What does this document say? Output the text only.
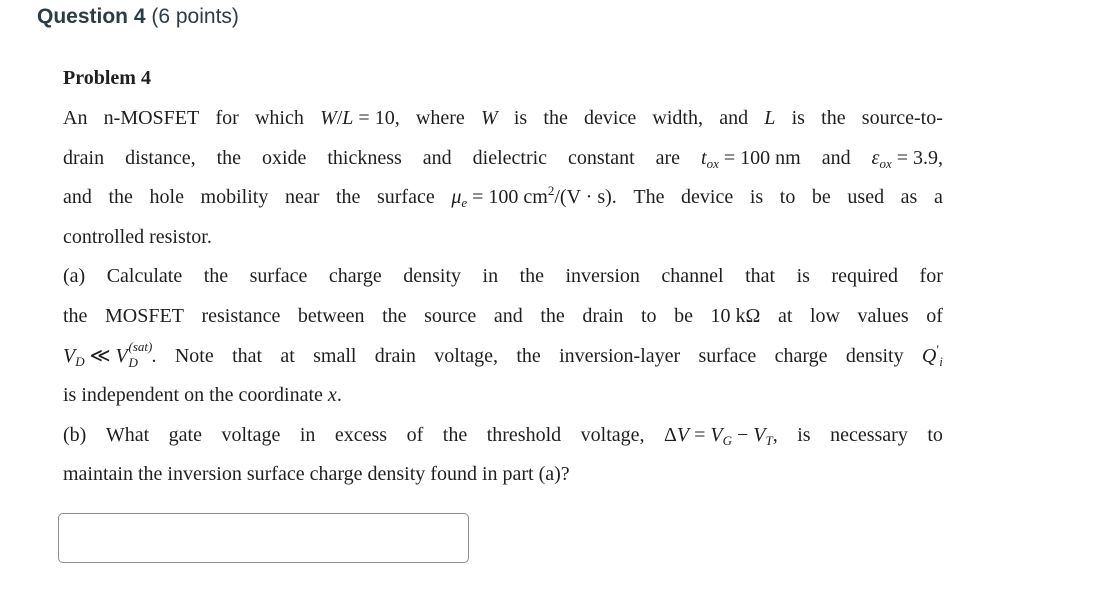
Question 4 (6 points)
Problem 4
An n-MOSFET for which W/L = 10, where W is the device width, and L is the source-to-
drain distance, the oxide thickness and dielectric constant are $t_{ox} = 100$ nm and $\varepsilon_{ox} = 3.9$,
and the hole mobility near the surface $\mu_e = 100$ $cm^2/(V \cdot s)$. The device is to be used as a
controlled resistor.
(a) Calculate the surface charge density in the inversion channel that is required for
the MOSFET resistance between the source and the drain to be 10 kΩ at low values of
$V_D$ ≪ V (sat)
D . Note that at small drain voltage, the inversion-layer surface charge density $Q'_i$
is independent on the coordinate x.
(b) What gate voltage in excess of the threshold voltage, $\Delta V = V_G - V_T$, is necessary to
maintain the inversion surface charge density found in part (a)?
